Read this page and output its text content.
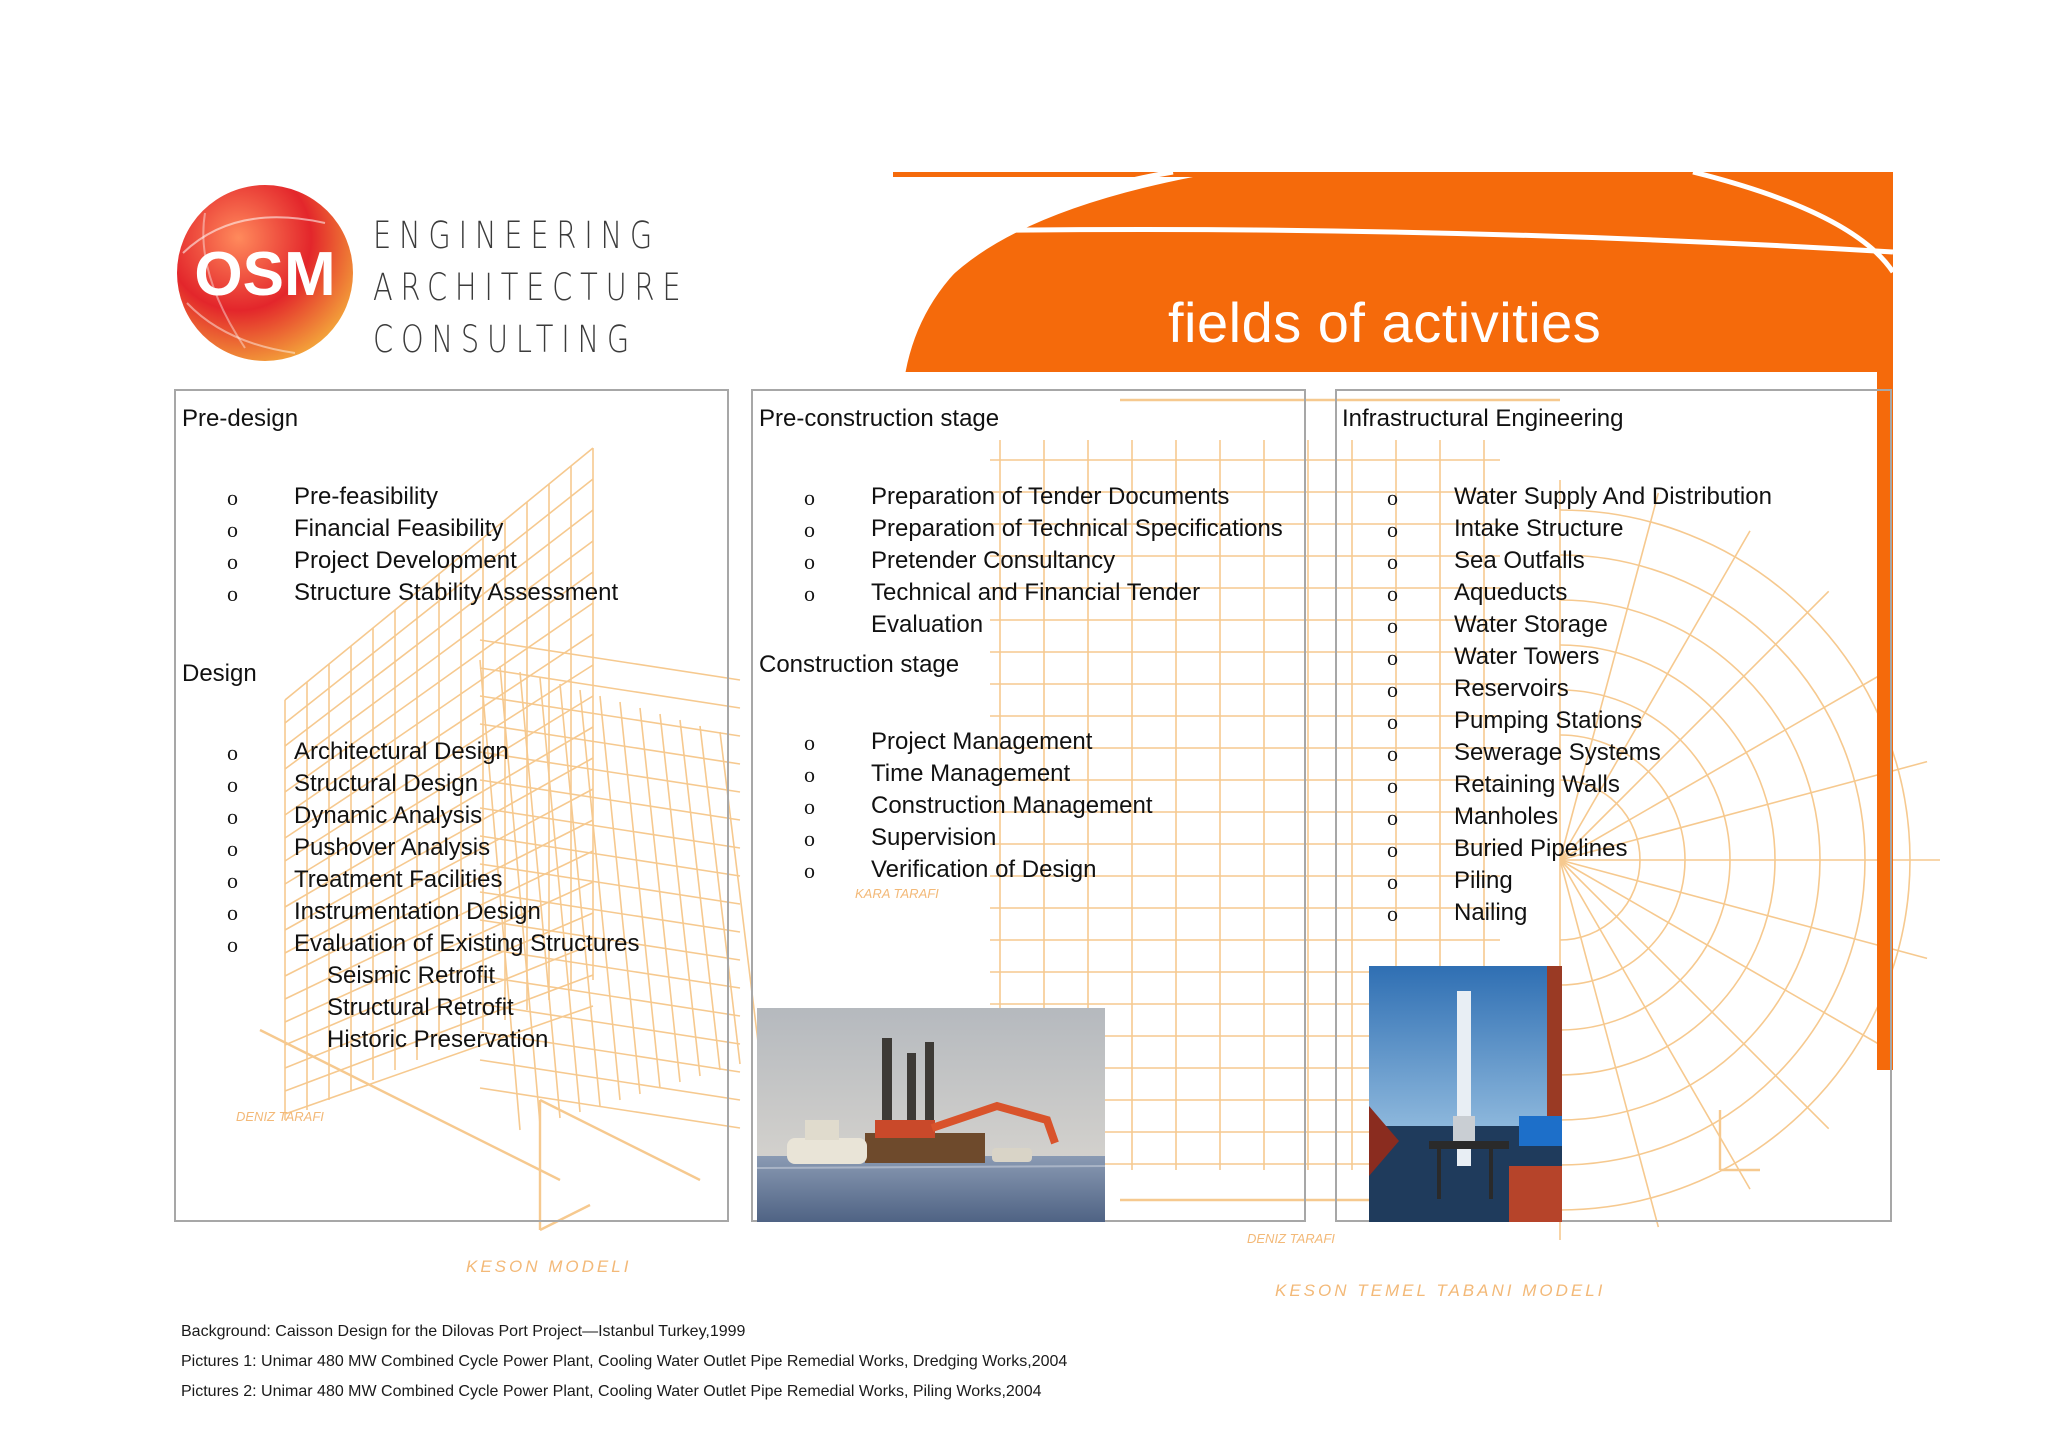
KESON MODELI
KESON TEMEL TABANI MODELI
DENIZ TARAFI
DENIZ TARAFI
KARA TARAFI
OSM
ENGINEERING
ARCHITECTURE
CONSULTING	fields of activities
Pre-design
o Pre-feasibility
o Financial Feasibility
o Project Development
o Structure Stability Assessment
Design
o Architectural Design
o Structural Design
o Dynamic Analysis
o Pushover Analysis
o Treatment Facilities
o Instrumentation Design
o Evaluation of Existing Structures
Seismic Retrofit
Structural Retrofit
Historic Preservation
Pre-construction stage
o Preparation of Tender Documents
o Preparation of Technical Specifications
o Pretender Consultancy
o Technical and Financial Tender
Evaluation
Construction stage
o Project Management
o Time Management
o Construction Management
o Supervision
o Verification of Design
Infrastructural Engineering
o Water Supply And Distribution
o Intake Structure
o Sea Outfalls
o Aqueducts
o Water Storage
o Water Towers
o Reservoirs
o Pumping Stations
o Sewerage Systems
o Retaining Walls
o Manholes
o Buried Pipelines
o Piling
o Nailing
Background: Caisson Design for the Dilovas Port Project—Istanbul Turkey,1999
Pictures 1: Unimar 480 MW Combined Cycle Power Plant, Cooling Water Outlet Pipe Remedial Works, Dredging Works,2004
Pictures 2: Unimar 480 MW Combined Cycle Power Plant, Cooling Water Outlet Pipe Remedial Works, Piling Works,2004
